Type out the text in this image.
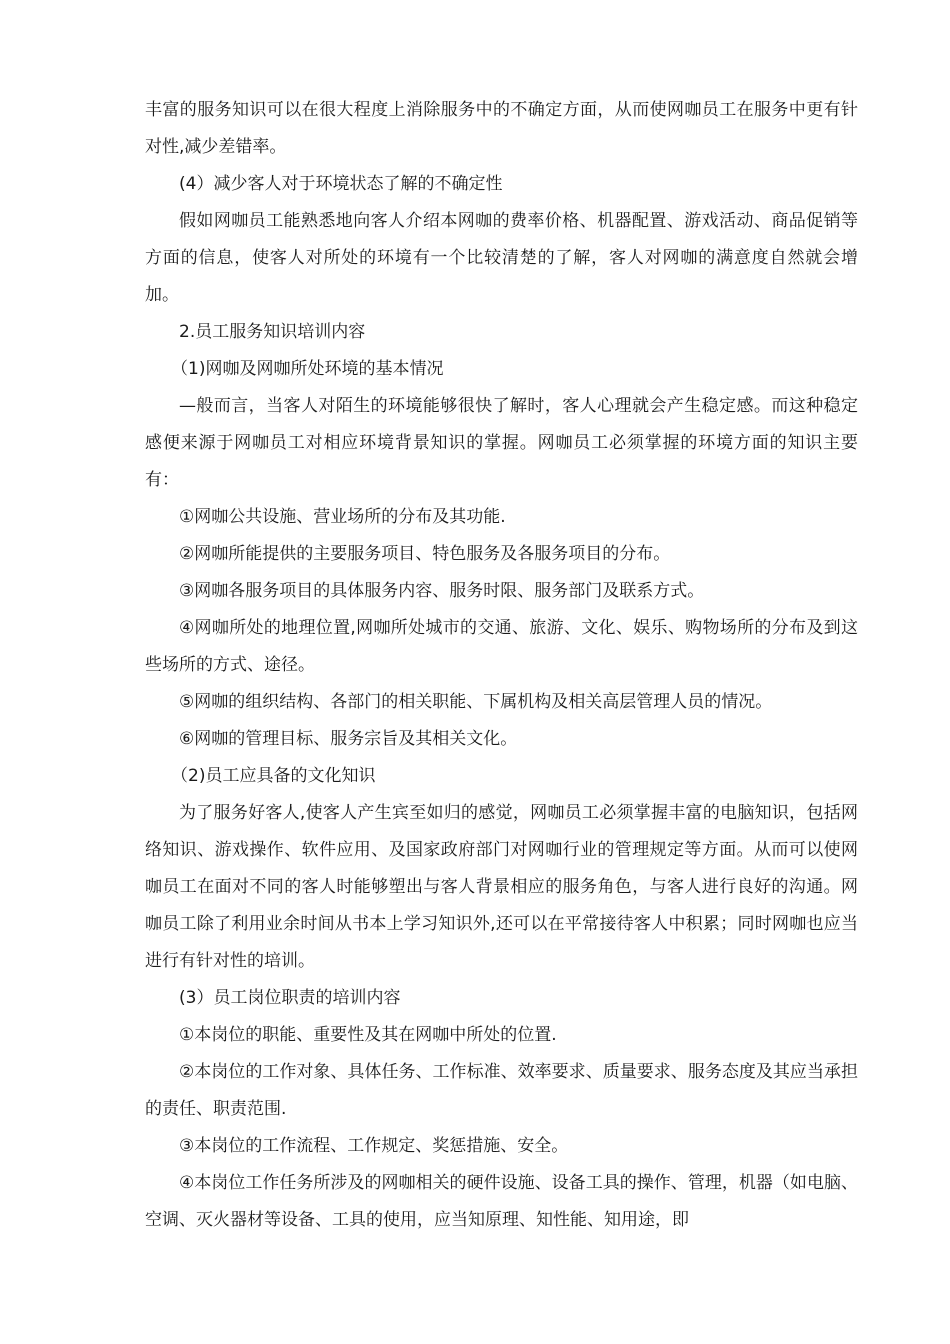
丰富的服务知识可以在很大程度上消除服务中的不确定方面，从而使网咖员工在服务中更有针对性,减少差错率。

(4）减少客人对于环境状态了解的不确定性

假如网咖员工能熟悉地向客人介绍本网咖的费率价格、机器配置、游戏活动、商品促销等方面的信息，使客人对所处的环境有一个比较清楚的了解，客人对网咖的满意度自然就会增加。

2.员工服务知识培训内容

（1)网咖及网咖所处环境的基本情况

—般而言，当客人对陌生的环境能够很快了解时，客人心理就会产生稳定感。而这种稳定感便来源于网咖员工对相应环境背景知识的掌握。网咖员工必须掌握的环境方面的知识主要有：

①网咖公共设施、营业场所的分布及其功能.

②网咖所能提供的主要服务项目、特色服务及各服务项目的分布。

③网咖各服务项目的具体服务内容、服务时限、服务部门及联系方式。

④网咖所处的地理位置,网咖所处城市的交通、旅游、文化、娱乐、购物场所的分布及到这些场所的方式、途径。

⑤网咖的组织结构、各部门的相关职能、下属机构及相关高层管理人员的情况。

⑥网咖的管理目标、服务宗旨及其相关文化。

（2)员工应具备的文化知识

为了服务好客人,使客人产生宾至如归的感觉，网咖员工必须掌握丰富的电脑知识，包括网络知识、游戏操作、软件应用、及国家政府部门对网咖行业的管理规定等方面。从而可以使网咖员工在面对不同的客人时能够塑出与客人背景相应的服务角色，与客人进行良好的沟通。网咖员工除了利用业余时间从书本上学习知识外,还可以在平常接待客人中积累；同时网咖也应当进行有针对性的培训。

(3）员工岗位职责的培训内容

①本岗位的职能、重要性及其在网咖中所处的位置.

②本岗位的工作对象、具体任务、工作标准、效率要求、质量要求、服务态度及其应当承担的责任、职责范围.

③本岗位的工作流程、工作规定、奖惩措施、安全。

④本岗位工作任务所涉及的网咖相关的硬件设施、设备工具的操作、管理，机器（如电脑、空调、灭火器材等设备、工具的使用，应当知原理、知性能、知用途，即
